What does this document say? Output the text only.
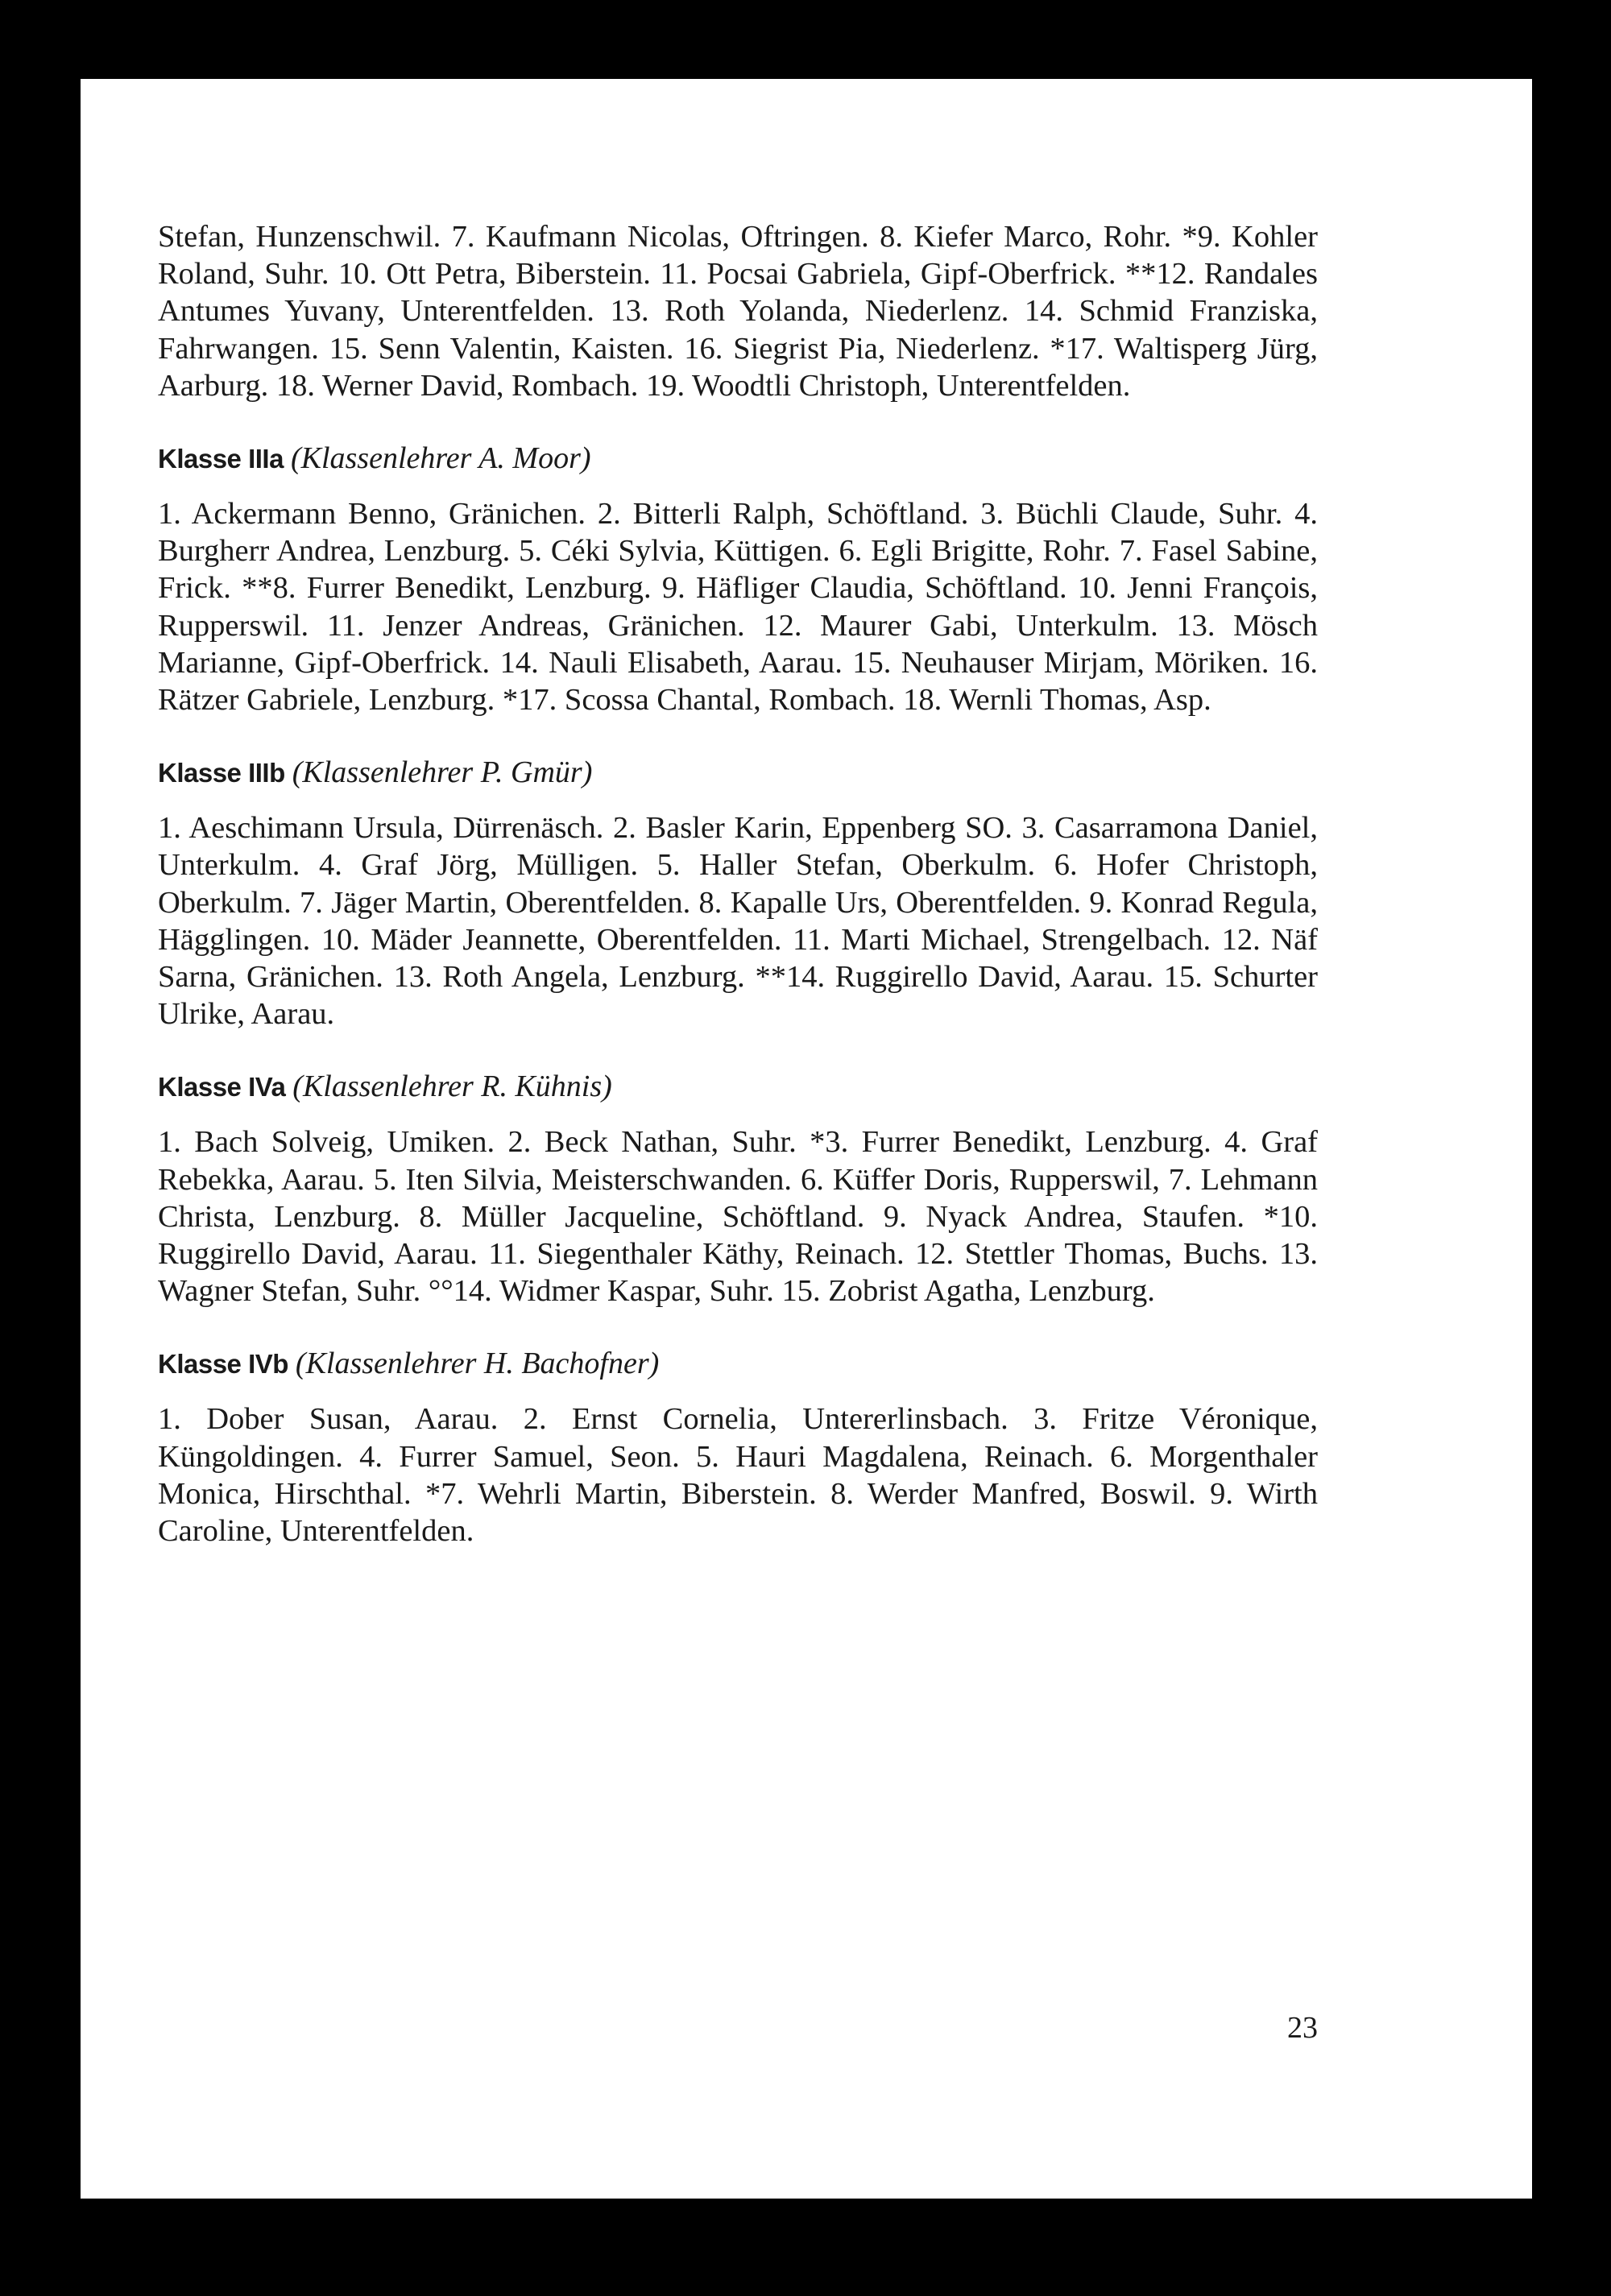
Stefan, Hunzenschwil. 7. Kaufmann Nicolas, Oftringen. 8. Kiefer Marco, Rohr. *9. Kohler Roland, Suhr. 10. Ott Petra, Biberstein. 11. Pocsai Gabriela, Gipf-Oberfrick. **12. Randales Antumes Yuvany, Unterentfelden. 13. Roth Yolanda, Niederlenz. 14. Schmid Franziska, Fahrwangen. 15. Senn Valentin, Kaisten. 16. Siegrist Pia, Niederlenz. *17. Waltisperg Jürg, Aarburg. 18. Werner David, Rombach. 19. Woodtli Christoph, Unterentfelden.

Klasse IIIa (Klassenlehrer A. Moor)

1. Ackermann Benno, Gränichen. 2. Bitterli Ralph, Schöftland. 3. Büchli Claude, Suhr. 4. Burgherr Andrea, Lenzburg. 5. Céki Sylvia, Küttigen. 6. Egli Brigitte, Rohr. 7. Fasel Sabine, Frick. **8. Furrer Benedikt, Lenzburg. 9. Häfliger Claudia, Schöftland. 10. Jenni François, Rupperswil. 11. Jenzer Andreas, Gränichen. 12. Maurer Gabi, Unterkulm. 13. Mösch Marianne, Gipf-Oberfrick. 14. Nauli Elisabeth, Aarau. 15. Neuhauser Mirjam, Möriken. 16. Rätzer Gabriele, Lenzburg. *17. Scossa Chantal, Rombach. 18. Wernli Thomas, Asp.

Klasse IIIb (Klassenlehrer P. Gmür)

1. Aeschimann Ursula, Dürrenäsch. 2. Basler Karin, Eppenberg SO. 3. Casarramona Daniel, Unterkulm. 4. Graf Jörg, Mülligen. 5. Haller Stefan, Oberkulm. 6. Hofer Christoph, Oberkulm. 7. Jäger Martin, Oberentfelden. 8. Kapalle Urs, Oberentfelden. 9. Konrad Regula, Hägglingen. 10. Mäder Jeannette, Oberentfelden. 11. Marti Michael, Strengelbach. 12. Näf Sarna, Gränichen. 13. Roth Angela, Lenzburg. **14. Ruggirello David, Aarau. 15. Schurter Ulrike, Aarau.

Klasse IVa (Klassenlehrer R. Kühnis)

1. Bach Solveig, Umiken. 2. Beck Nathan, Suhr. *3. Furrer Benedikt, Lenzburg. 4. Graf Rebekka, Aarau. 5. Iten Silvia, Meisterschwanden. 6. Küffer Doris, Rupperswil, 7. Lehmann Christa, Lenzburg. 8. Müller Jacqueline, Schöftland. 9. Nyack Andrea, Staufen. *10. Ruggirello David, Aarau. 11. Siegenthaler Käthy, Reinach. 12. Stettler Thomas, Buchs. 13. Wagner Stefan, Suhr. °°14. Widmer Kaspar, Suhr. 15. Zobrist Agatha, Lenzburg.

Klasse IVb (Klassenlehrer H. Bachofner)

1. Dober Susan, Aarau. 2. Ernst Cornelia, Untererlinsbach. 3. Fritze Véronique, Küngoldingen. 4. Furrer Samuel, Seon. 5. Hauri Magdalena, Reinach. 6. Morgenthaler Monica, Hirschthal. *7. Wehrli Martin, Biberstein. 8. Werder Manfred, Boswil. 9. Wirth Caroline, Unterentfelden.

23
